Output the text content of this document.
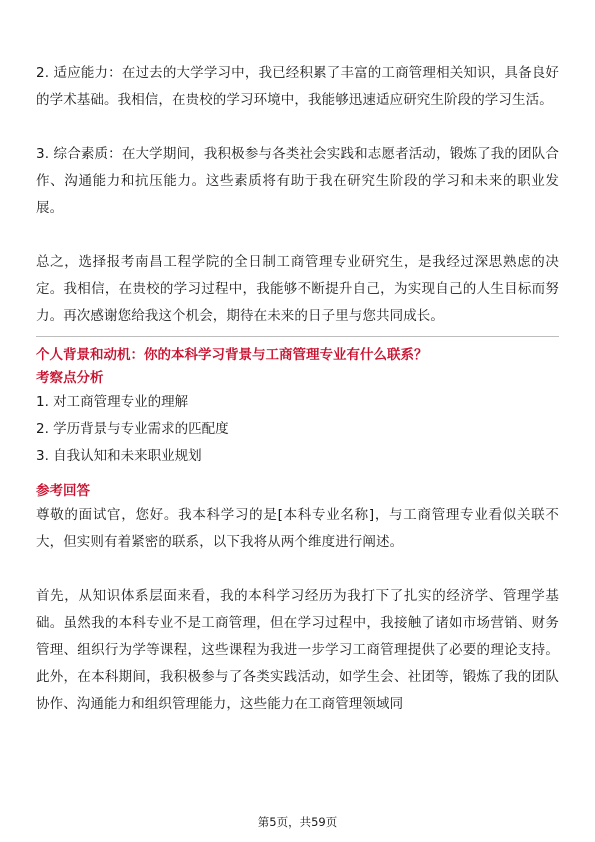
2. 适应能力：在过去的大学学习中，我已经积累了丰富的工商管理相关知识，具备良好的学术基础。我相信，在贵校的学习环境中，我能够迅速适应研究生阶段的学习生活。

3. 综合素质：在大学期间，我积极参与各类社会实践和志愿者活动，锻炼了我的团队合作、沟通能力和抗压能力。这些素质将有助于我在研究生阶段的学习和未来的职业发展。

总之，选择报考南昌工程学院的全日制工商管理专业研究生，是我经过深思熟虑的决定。我相信，在贵校的学习过程中，我能够不断提升自己，为实现自己的人生目标而努力。再次感谢您给我这个机会，期待在未来的日子里与您共同成长。

个人背景和动机：你的本科学习背景与工商管理专业有什么联系？

考察点分析

1. 对工商管理专业的理解

2. 学历背景与专业需求的匹配度

3. 自我认知和未来职业规划

参考回答

尊敬的面试官，您好。我本科学习的是[本科专业名称]，与工商管理专业看似关联不大，但实则有着紧密的联系，以下我将从两个维度进行阐述。

首先，从知识体系层面来看，我的本科学习经历为我打下了扎实的经济学、管理学基础。虽然我的本科专业不是工商管理，但在学习过程中，我接触了诸如市场营销、财务管理、组织行为学等课程，这些课程为我进一步学习工商管理提供了必要的理论支持。此外，在本科期间，我积极参与了各类实践活动，如学生会、社团等，锻炼了我的团队协作、沟通能力和组织管理能力，这些能力在工商管理领域同

第5页，共59页
